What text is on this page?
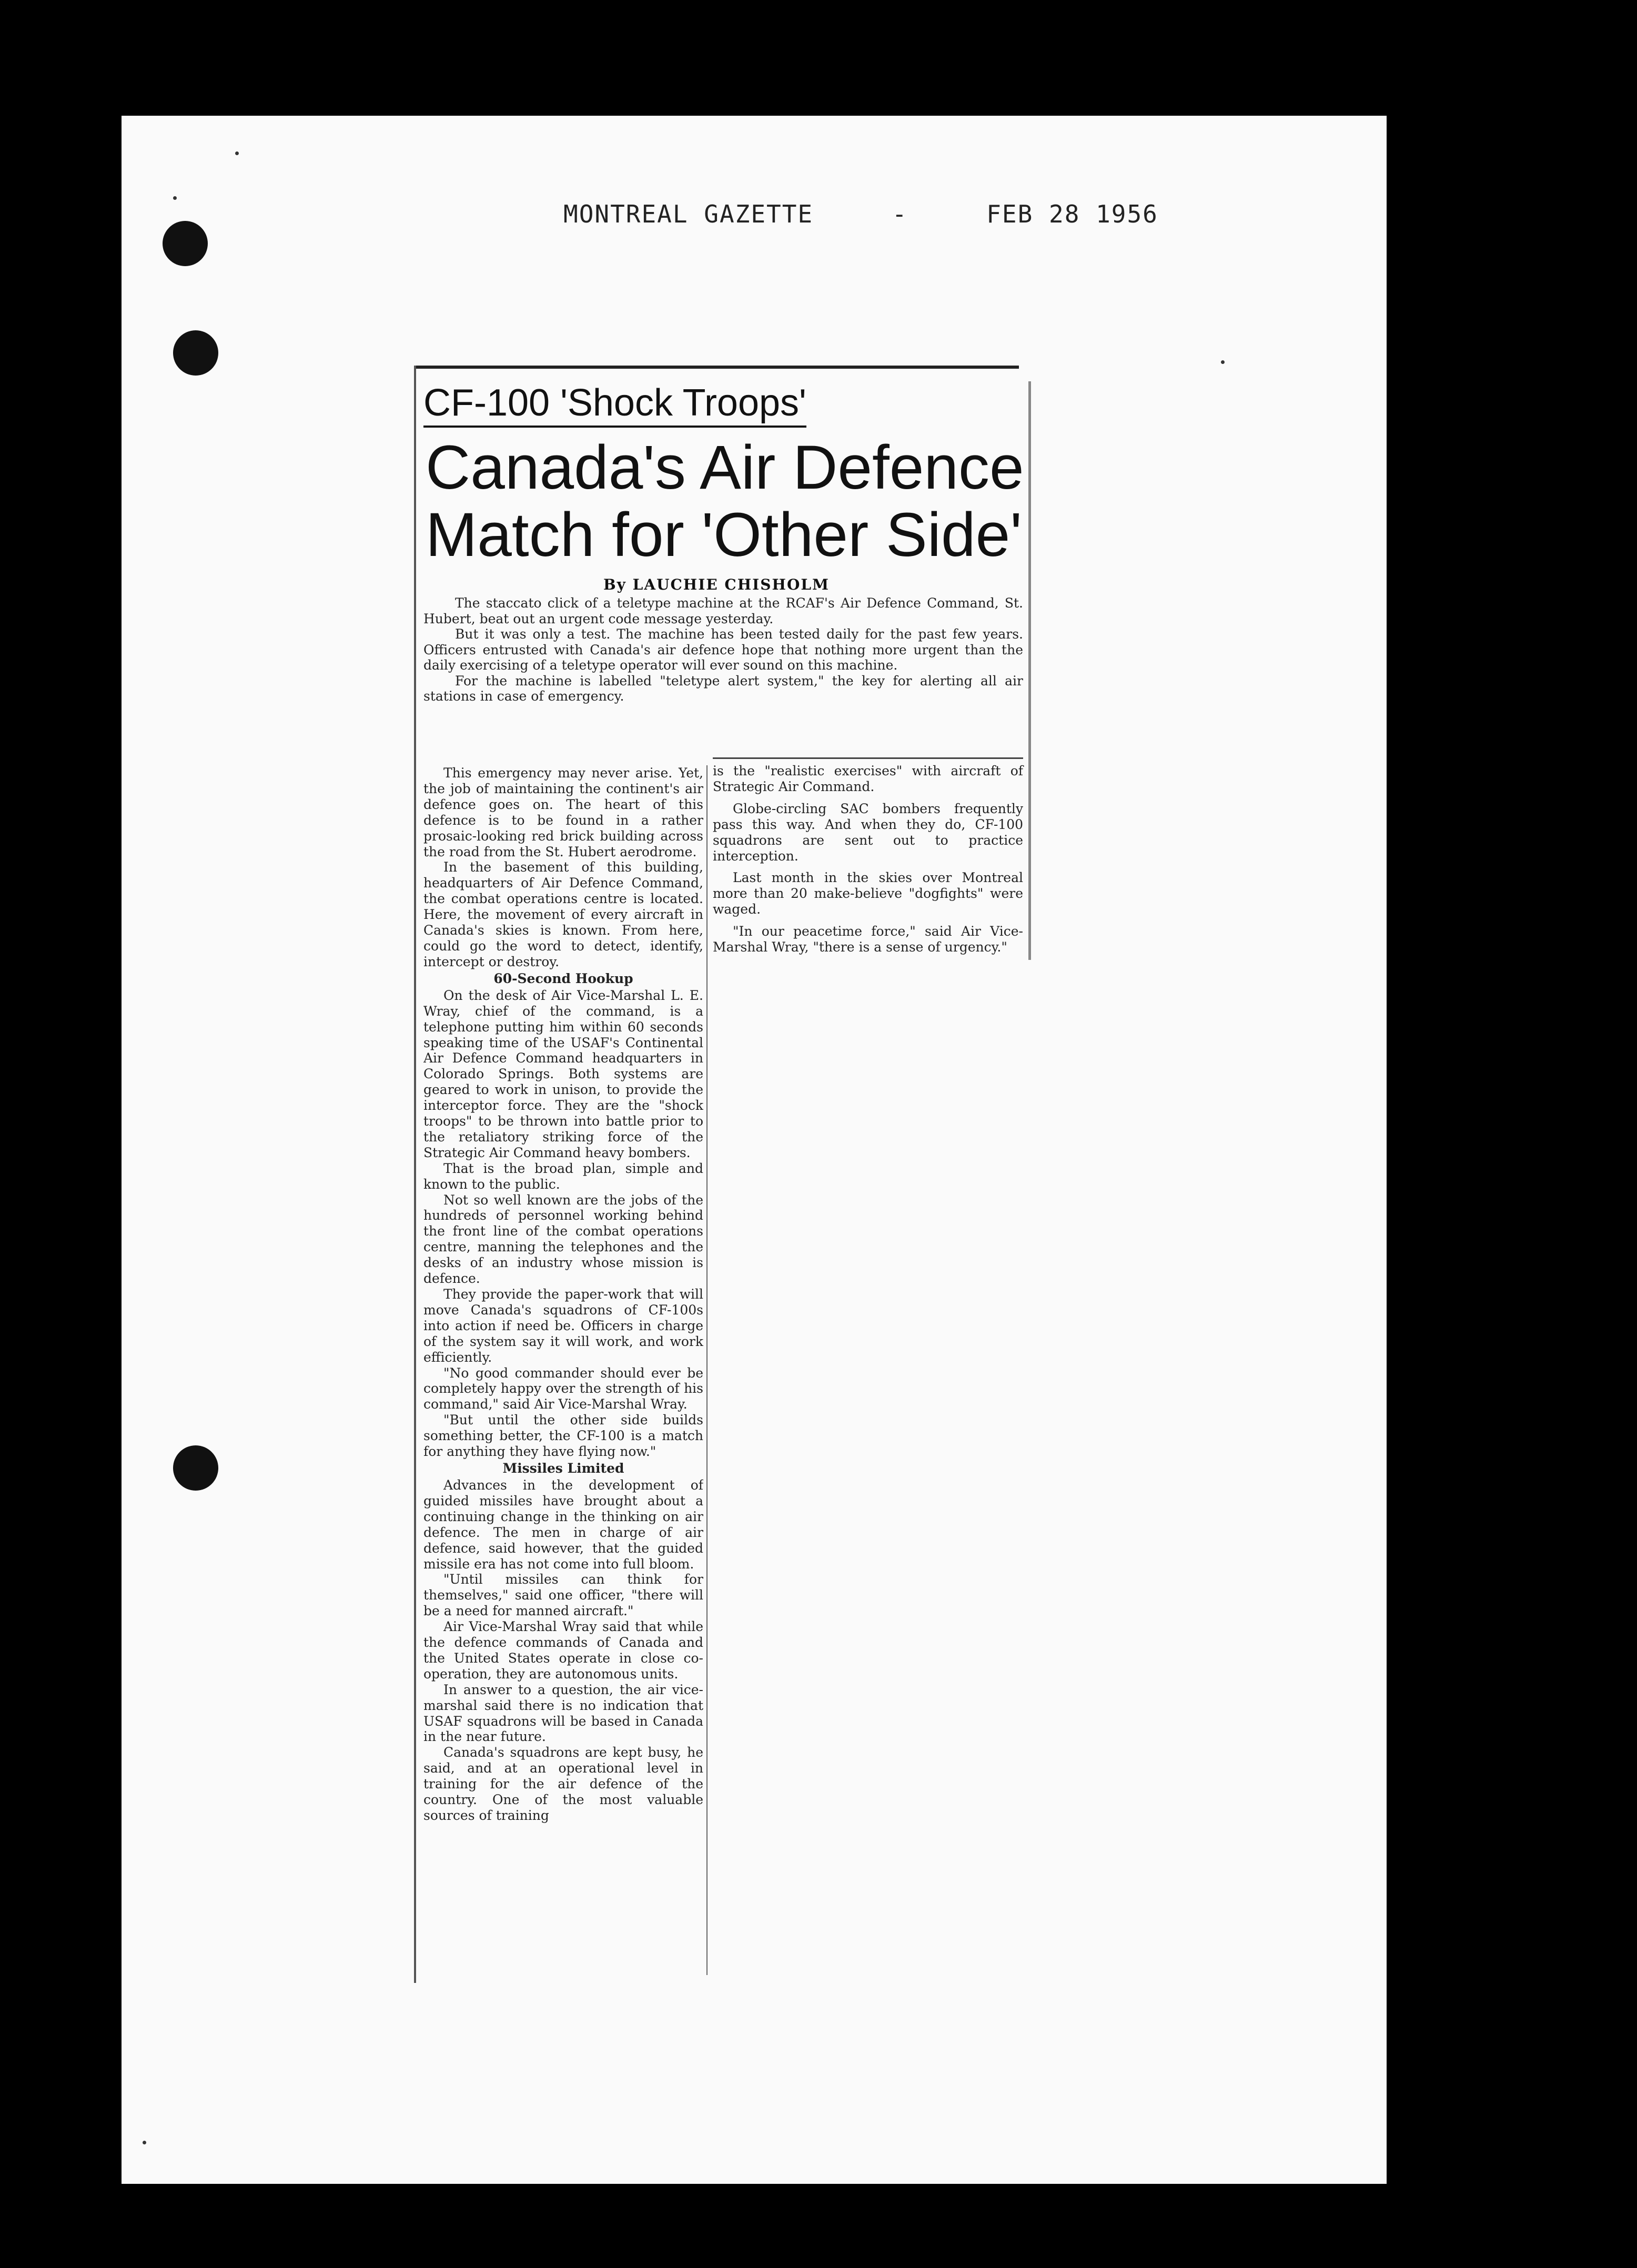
MONTREAL GAZETTE	-	FEB 28 1956
CF-100 'Shock Troops'
Canada's Air Defence
Match for 'Other Side'
By LAUCHIE CHISHOLM

The staccato click of a teletype machine at the RCAF's Air Defence Command, St. Hubert, beat out an urgent code message yesterday.

But it was only a test. The machine has been tested daily for the past few years. Officers entrusted with Canada's air defence hope that nothing more urgent than the daily exercising of a teletype operator will ever sound on this machine.

For the machine is labelled "teletype alert system," the key for alerting all air stations in case of emergency.

This emergency may never arise. Yet, the job of maintaining the continent's air defence goes on. The heart of this defence is to be found in a rather prosaic-looking red brick building across the road from the St. Hubert aerodrome.

In the basement of this building, headquarters of Air Defence Command, the combat operations centre is located. Here, the movement of every aircraft in Canada's skies is known. From here, could go the word to detect, identify, intercept or destroy.

60-Second Hookup

On the desk of Air Vice-Marshal L. E. Wray, chief of the command, is a telephone putting him within 60 seconds speaking time of the USAF's Continental Air Defence Command headquarters in Colorado Springs. Both systems are geared to work in unison, to provide the interceptor force. They are the "shock troops" to be thrown into battle prior to the retaliatory striking force of the Strategic Air Command heavy bombers.

That is the broad plan, simple and known to the public.

Not so well known are the jobs of the hundreds of personnel working behind the front line of the combat operations centre, manning the telephones and the desks of an industry whose mission is defence.

They provide the paper-work that will move Canada's squadrons of CF-100s into action if need be. Officers in charge of the system say it will work, and work efficiently.

"No good commander should ever be completely happy over the strength of his command," said Air Vice-Marshal Wray.

"But until the other side builds something better, the CF-100 is a match for anything they have flying now."

Missiles Limited

Advances in the development of guided missiles have brought about a continuing change in the thinking on air defence. The men in charge of air defence, said however, that the guided missile era has not come into full bloom.

"Until missiles can think for themselves," said one officer, "there will be a need for manned aircraft."

Air Vice-Marshal Wray said that while the defence commands of Canada and the United States operate in close co-operation, they are autonomous units.

In answer to a question, the air vice-marshal said there is no indication that USAF squadrons will be based in Canada in the near future.

Canada's squadrons are kept busy, he said, and at an operational level in training for the air defence of the country. One of the most valuable sources of training

is the "realistic exercises" with aircraft of Strategic Air Command.

Globe-circling SAC bombers frequently pass this way. And when they do, CF-100 squadrons are sent out to practice interception.

Last month in the skies over Montreal more than 20 make-believe "dogfights" were waged.

"In our peacetime force," said Air Vice-Marshal Wray, "there is a sense of urgency."
